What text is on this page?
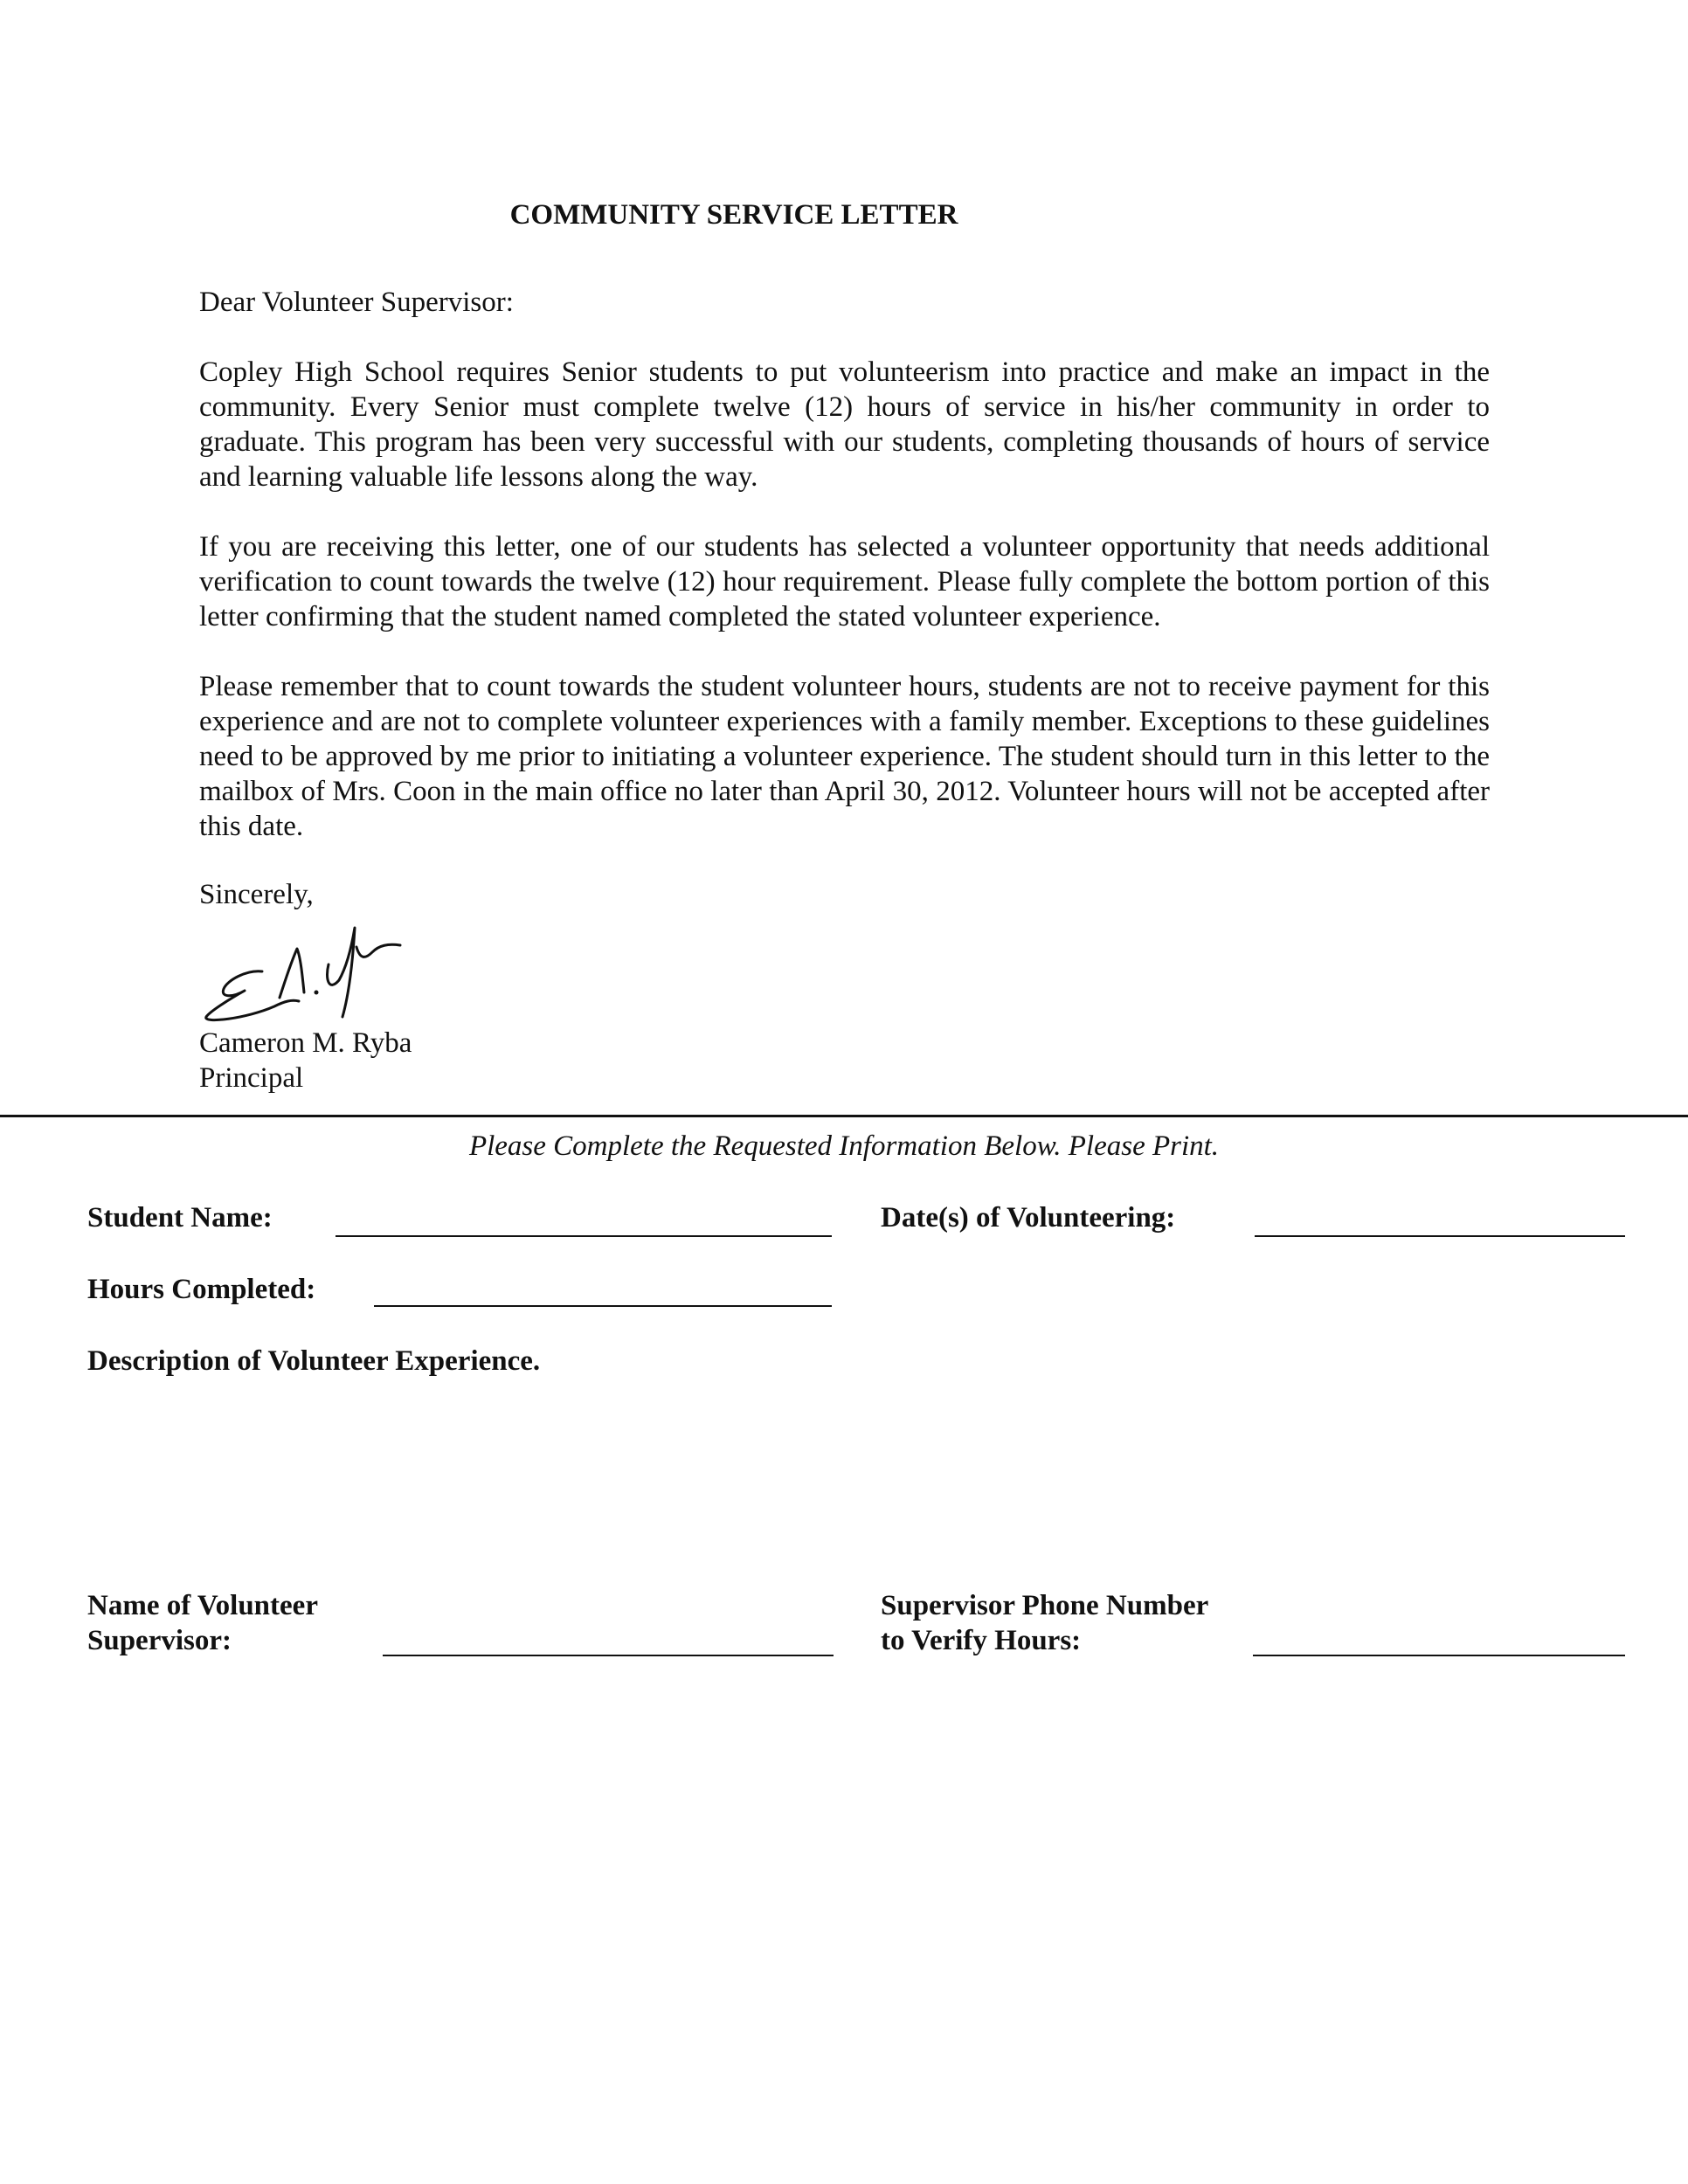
COMMUNITY SERVICE LETTER
Dear Volunteer Supervisor:

Copley High School requires Senior students to put volunteerism into practice and make an impact in the community. Every Senior must complete twelve (12) hours of service in his/her community in order to graduate. This program has been very successful with our students, completing thousands of hours of service and learning valuable life lessons along the way.

If you are receiving this letter, one of our students has selected a volunteer opportunity that needs additional verification to count towards the twelve (12) hour requirement. Please fully complete the bottom portion of this letter confirming that the student named completed the stated volunteer experience.

Please remember that to count towards the student volunteer hours, students are not to receive payment for this experience and are not to complete volunteer experiences with a family member. Exceptions to these guidelines need to be approved by me prior to initiating a volunteer experience. The student should turn in this letter to the mailbox of Mrs. Coon in the main office no later than April 30, 2012. Volunteer hours will not be accepted after this date.

Sincerely,
Cameron M. Ryba
Principal
Please Complete the Requested Information Below. Please Print.
Student Name:	Date(s) of Volunteering:
Hours Completed:
Description of Volunteer Experience.
Name of Volunteer
Supervisor:
Supervisor Phone Number
to Verify Hours:
